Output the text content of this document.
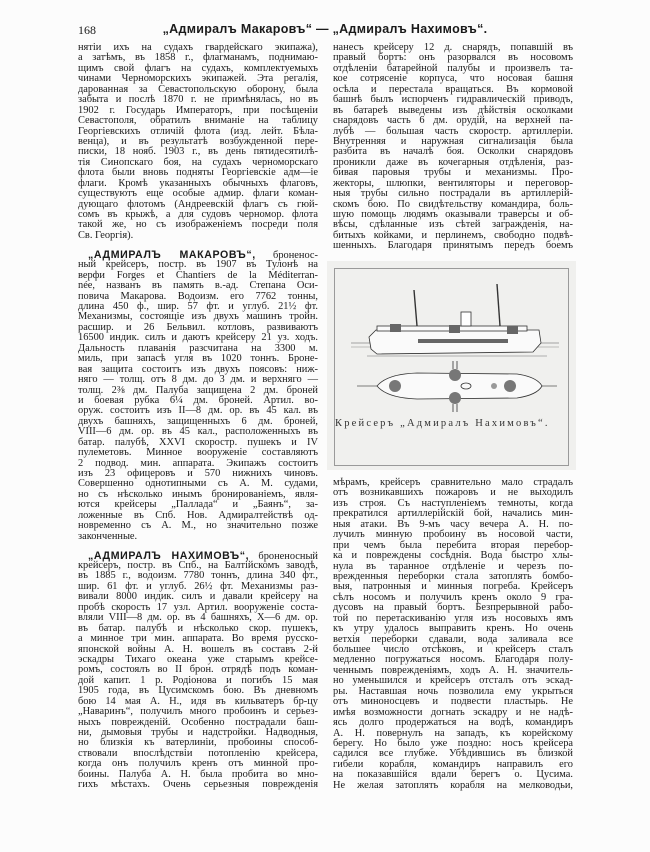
168	„Адмиралъ Макаровъ“ — „Адмиралъ Нахимовъ“.
нятiи ихъ на судахъ гвардейскаго экипажа),
а затѣмъ, въ 1858 г., флагманамъ, поднимаю-
щимъ свой флагъ на судахъ, комплектуемыхъ
чинами Черноморскихъ экипажей. Эта регалiя,
дарованная за Севастопольскую оборону, была
забыта и послѣ 1870 г. не примѣнялась, но въ
1902 г. Государь Императоръ, при посѣщенiи
Севастополя, обратилъ вниманiе на таблицу
Георгiевскихъ отличiй флота (изд. лейт. Бѣла-
венца), и въ результатѣ возбужденной пере-
писки, 18 нояб. 1903 г., въ день пятидесятилѣ-
тiя Синопскаго боя, на судахъ черноморскаго
флота были вновь подняты Георгiевскiе адм—iе
флаги. Кромѣ указанныхъ обычныхъ флаговъ,
существуютъ еще особые адмир. флаги коман-
дующаго флотомъ (Андреевскiй флагъ съ гюй-
сомъ въ крыжѣ, а для судовъ черномор. флота
такой же, но съ изображенiемъ посреди поля
Св. Георгiя).
„АДМИРАЛЪ МАКАРОВЪ“, броненос-
ный крейсеръ, постр. въ 1907 въ Тулонѣ на
верфи Forges et Chantiers de la Méditerran-
née, названъ въ память в.-ад. Степана Оси-
повича Макарова. Водоизм. его 7762 тонны,
длина 450 ф., шир. 57 фт. и углуб. 21½ фт.
Механизмы, состоящiе изъ двухъ машинъ тройн.
расшир. и 26 Бельвил. котловъ, развиваютъ
16500 индик. силъ и даютъ крейсеру 21 уз. ходъ.
Дальность плаванiя разсчитана на 3300 м.
миль, при запасѣ угля въ 1020 тоннъ. Броне-
вая защита состоитъ изъ двухъ поясовъ: ниж-
няго — толщ. отъ 8 дм. до 3 дм. и верхняго —
толщ. 2⅜ дм. Палуба защищена 2 дм. броней
и боевая рубка 6¼ дм. броней. Артил. во-
оруж. состоитъ изъ II—8 дм. ор. въ 45 кал. въ
двухъ башняхъ, защищенныхъ 6 дм. броней,
VIII—6 дм. ор. въ 45 кал., расположенныхъ въ
батар. палубѣ, XXVI скоростр. пушекъ и IV
пулеметовъ. Минное вооруженiе составляютъ
2 подвод. мин. аппарата. Экипажъ состоитъ
изъ 23 офицеровъ и 570 нижнихъ чиновъ.
Совершенно однотипными съ А. М. судами,
но съ нѣсколько инымъ бронированiемъ, явля-
ются крейсеры „Паллада“ и „Баянъ“, за-
ложенные въ Спб. Нов. Адмиралтействѣ од-
новременно съ А. М., но значительно позже
законченные.
„АДМИРАЛЪ НАХИМОВЪ“, броненосный
крейсеръ, постр. въ Спб., на Балтiйскомъ заводѣ,
въ 1885 г., водоизм. 7780 тоннъ, длина 340 фт.,
шир. 61 фт. и углуб. 26½ фт. Механизмы раз-
вивали 8000 индик. силъ и давали крейсеру на
пробѣ скорость 17 узл. Артил. вооруженiе соста-
вляли VIII—8 дм. ор. въ 4 башняхъ, X—6 дм. ор.
въ батар. палубѣ и нѣсколько скор. пушекъ,
а минное три мин. аппарата. Во время русско-
японской войны А. Н. вошелъ въ составъ 2-й
эскадры Тихаго океана уже старымъ крейсе-
ромъ, состоялъ во II брон. отрядѣ подъ коман-
дой капит. 1 р. Родiонова и погибъ 15 мая
1905 года, въ Цусимскомъ бою. Въ дневномъ
бою 14 мая А. Н., идя въ кильватеръ бр-цу
„Наваринъ“, получилъ много пробоинъ и серьез-
ныхъ поврежденiй. Особенно пострадали баш-
ни, дымовыя трубы и надстройки. Надводныя,
но близкiя къ ватерлинiи, пробоины способ-
ствовали впослѣдствiи потопленiю крейсера,
когда онъ получилъ кренъ отъ минной про-
боины. Палуба А. Н. была пробита во мно-
гихъ мѣстахъ. Очень серьезныя поврежденiя
нанесъ крейсеру 12 д. снарядъ, попавшiй въ
правый бортъ: онъ разорвался въ носовомъ
отдѣленiи батарейной палубы и произвелъ та-
кое сотрясенiе корпуса, что носовая башня
осѣла и перестала вращаться. Въ кормовой
башнѣ былъ испорченъ гидравлическiй приводъ,
въ батареѣ выведены изъ дѣйствiя осколками
снарядовъ часть 6 дм. орудiй, на верхней па-
лубѣ — большая часть скоростр. артиллерiи.
Внутренняя и наружная сигнализацiя была
разбита въ началѣ боя. Осколки снарядовъ
проникли даже въ кочегарныя отдѣленiя, раз-
бивая паровыя трубы и механизмы. Про-
жекторы, шлюпки, вентиляторы и переговор-
ныя трубы сильно пострадали въ артиллерiй-
скомъ бою. По свидѣтельству командира, боль-
шую помощь людямъ оказывали траверсы и об-
вѣсы, сдѣланные изъ сѣтей загражденiя, на-
битыхъ койками, и перлинемъ, свободно подвѣ-
шенныхъ. Благодаря принятымъ передъ боемъ
Крейсеръ „Адмиралъ Нахимовъ“.
мѣрамъ, крейсеръ сравнительно мало страдалъ
отъ возникавшихъ пожаровъ и не выходилъ
изъ строя. Съ наступленiемъ темноты, когда
прекратился артиллерiйскiй бой, начались мин-
ныя атаки. Въ 9-мъ часу вечера А. Н. по-
лучилъ минную пробоину въ носовой части,
при чемъ была перебита вторая перебор-
ка и повреждены сосѣднiя. Вода быстро хлы-
нула въ таранное отдѣленiе и черезъ по-
врежденныя переборки стала затоплять бомбо-
выя, патронныя и минныя погреба. Крейсеръ
сѣлъ носомъ и получилъ кренъ около 9 гра-
дусовъ на правый бортъ. Безпрерывной рабо-
той по перетаскиванiю угля изъ носовыхъ ямъ
къ утру удалось выправить кренъ. Но очень
ветхiя переборки сдавали, вода заливала все
большее число отсѣковъ, и крейсеръ сталъ
медленно погружаться носомъ. Благодаря полу-
ченнымъ поврежденiямъ, ходъ А. Н. значитель-
но уменьшился и крейсеръ отсталъ отъ эскад-
ры. Наставшая ночь позволила ему укрыться
отъ миноносцевъ и подвести пластырь. Не
имѣя возможности догнать эскадру и не надѣ-
ясь долго продержаться на водѣ, командиръ
А. Н. повернулъ на западъ, къ корейскому
берегу. Но было уже поздно: носъ крейсера
садился все глубже. Убѣдившись въ близкой
гибели корабля, командиръ направилъ его
на показавшiйся вдали берегъ о. Цусима.
Не желая затоплять корабля на мелководьи,
